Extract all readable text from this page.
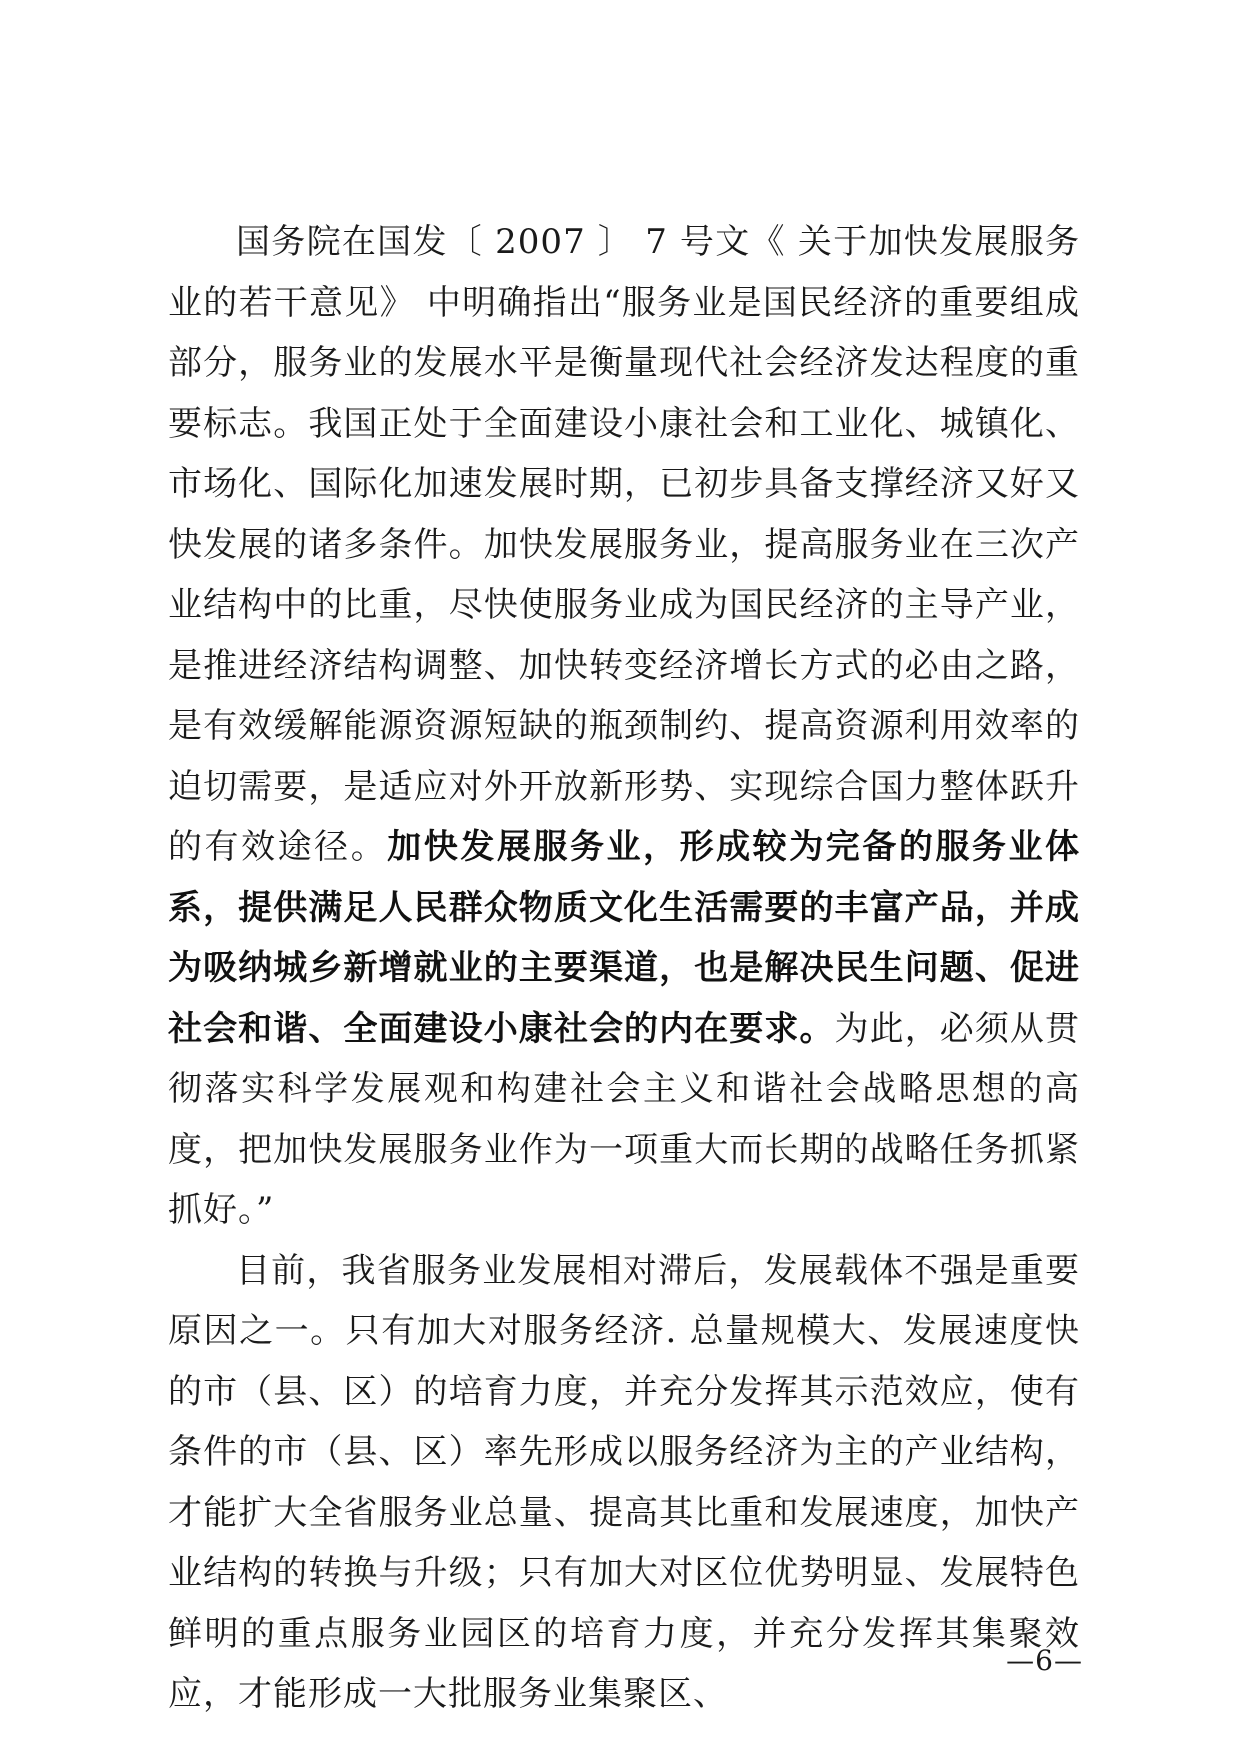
国务院在国发〔 2007 〕 7 号文《 关于加快发展服务业的若干意见》 中明确指出“服务业是国民经济的重要组成部分，服务业的发展水平是衡量现代社会经济发达程度的重要标志。我国正处于全面建设小康社会和工业化、城镇化、市场化、国际化加速发展时期，已初步具备支撑经济又好又快发展的诸多条件。加快发展服务业，提高服务业在三次产业结构中的比重，尽快使服务业成为国民经济的主导产业，是推进经济结构调整、加快转变经济增长方式的必由之路，是有效缓解能源资源短缺的瓶颈制约、提高资源利用效率的迫切需要，是适应对外开放新形势、实现综合国力整体跃升的有效途径。加快发展服务业，形成较为完备的服务业体系，提供满足人民群众物质文化生活需要的丰富产品，并成为吸纳城乡新增就业的主要渠道，也是解决民生问题、促进社会和谐、全面建设小康社会的内在要求。为此，必须从贯彻落实科学发展观和构建社会主义和谐社会战略思想的高度，把加快发展服务业作为一项重大而长期的战略任务抓紧抓好。”

目前，我省服务业发展相对滞后，发展载体不强是重要原因之一。只有加大对服务经济. 总量规模大、发展速度快的市（县、区）的培育力度，并充分发挥其示范效应，使有条件的市（县、区）率先形成以服务经济为主的产业结构，才能扩大全省服务业总量、提高其比重和发展速度，加快产业结构的转换与升级；只有加大对区位优势明显、发展特色鲜明的重点服务业园区的培育力度，并充分发挥其集聚效应，才能形成一大批服务业集聚区、

—6—
